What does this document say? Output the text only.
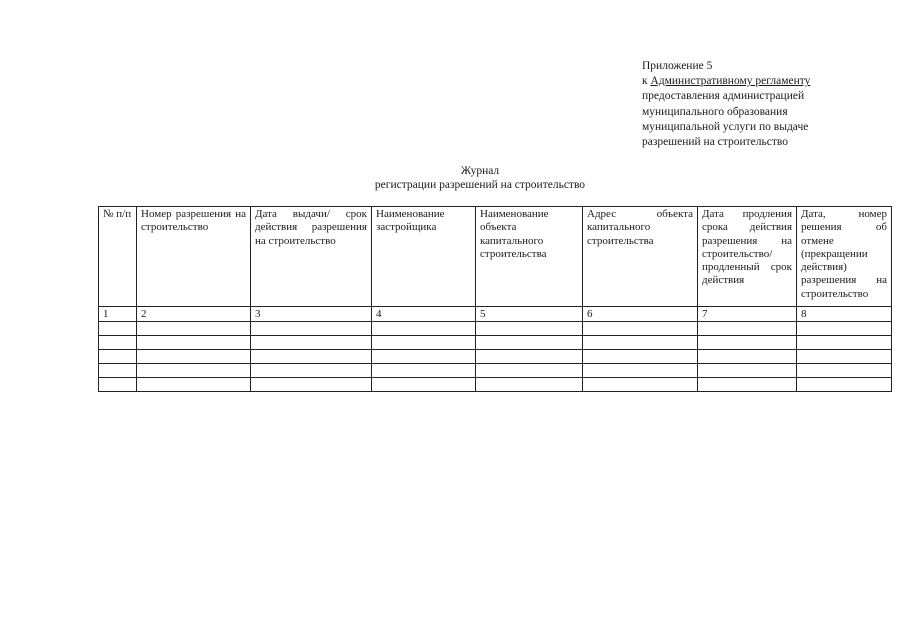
Приложение 5
к Административному регламенту
предоставления администрацией
муниципального образования
муниципальной услуги по выдаче
разрешений на строительство
Журнал
регистрации разрешений на строительство
№ п/п	Номер разрешения на строительство	Дата выдачи/ срок действия разрешения на строительство	Наименование застройщика	Наименование объекта капитального строительства	Адрес объекта капитального строительства	Дата продления срока действия разрешения на строительство/ продленный срок действия	Дата, номер решения об отмене (прекращении действия) разрешения на строительство
1	2	3	4	5	6	7	8
